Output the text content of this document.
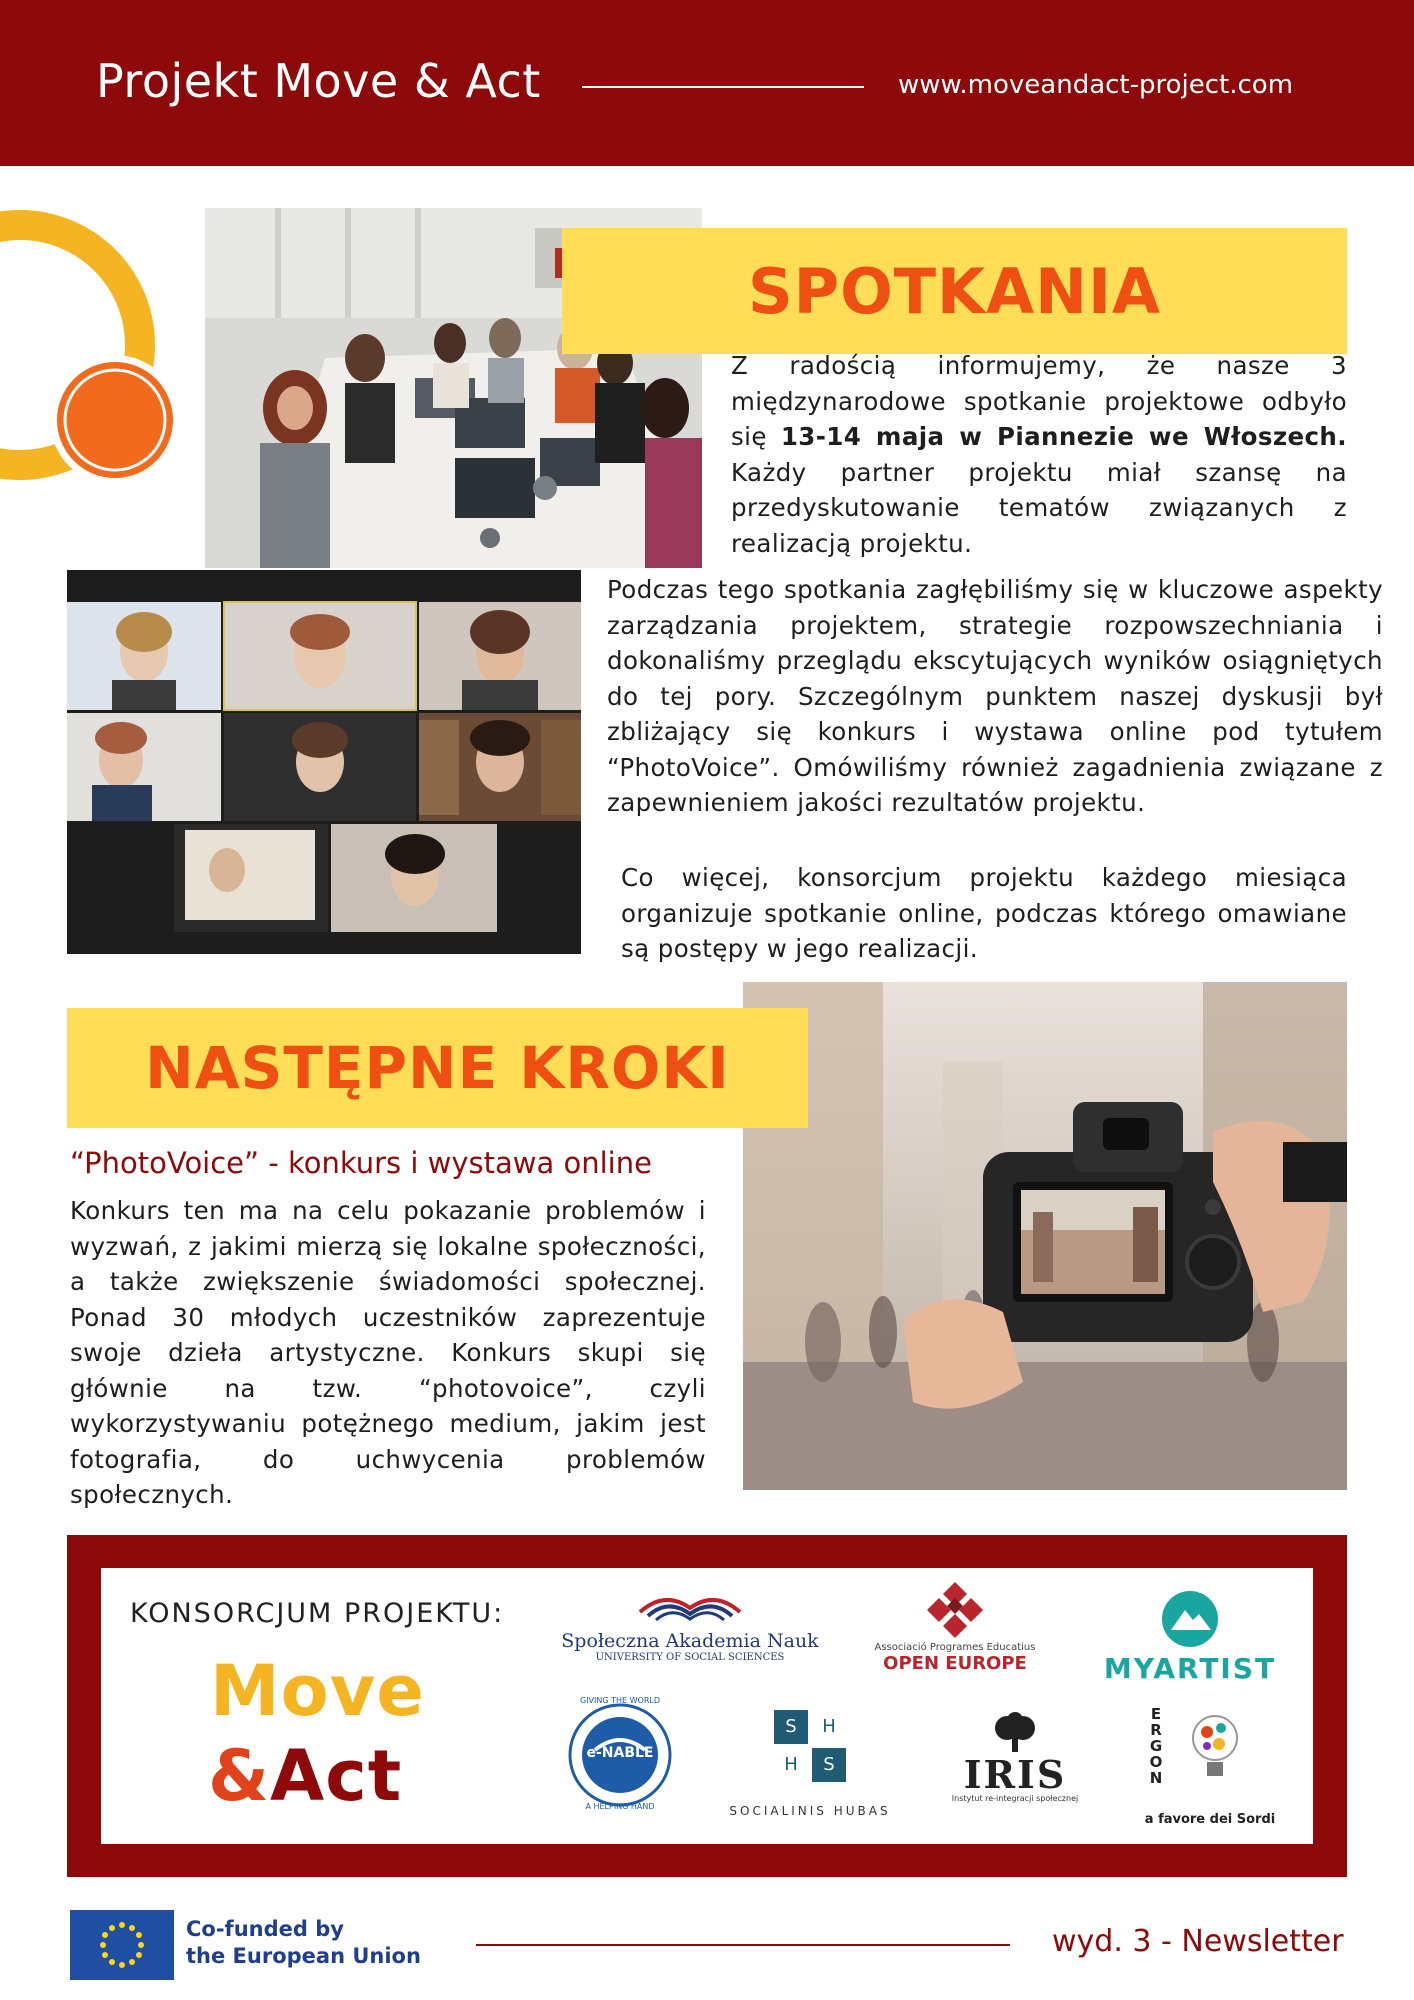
Projekt Move & Act	www.moveandact-project.com
SPOTKANIA
Z radością informujemy, że nasze 3 międzynarodowe spotkanie projektowe odbyło się 13-14 maja w Piannezie we Włoszech. Każdy partner projektu miał szansę na przedyskutowanie tematów związanych z realizacją projektu.
Podczas tego spotkania zagłębiliśmy się w kluczowe aspekty zarządzania projektem, strategie rozpowszechniania i dokonaliśmy przeglądu ekscytujących wyników osiągniętych do tej pory. Szczególnym punktem naszej dyskusji był zbliżający się konkurs i wystawa online pod tytułem “PhotoVoice”. Omówiliśmy również zagadnienia związane z zapewnieniem jakości rezultatów projektu.
Co więcej, konsorcjum projektu każdego miesiąca organizuje spotkanie online, podczas którego omawiane są postępy w jego realizacji.
NASTĘPNE KROKI
“PhotoVoice” - konkurs i wystawa online
Konkurs ten ma na celu pokazanie problemów i wyzwań, z jakimi mierzą się lokalne społeczności, a także zwiększenie świadomości społecznej. Ponad 30 młodych uczestników zaprezentuje swoje dzieła artystyczne. Konkurs skupi się głównie na tzw. “photovoice”, czyli wykorzystywaniu potężnego medium, jakim jest fotografia, do uchwycenia problemów społecznych.
KONSORCJUM PROJEKTU:
Move
&Act
Społeczna Akademia Nauk
UNIVERSITY OF SOCIAL SCIENCES
Associació Programes Educatius
OPEN EUROPE	MYARTIST
e-NABLE
GIVING THE WORLD
A HELPING HAND
S	H
H	S
SOCIALINIS HUBAS
IRIS
Instytut re-integracji społecznej
ERGON
a favore dei Sordi
Co-funded by
the European Union	wyd. 3 - Newsletter
